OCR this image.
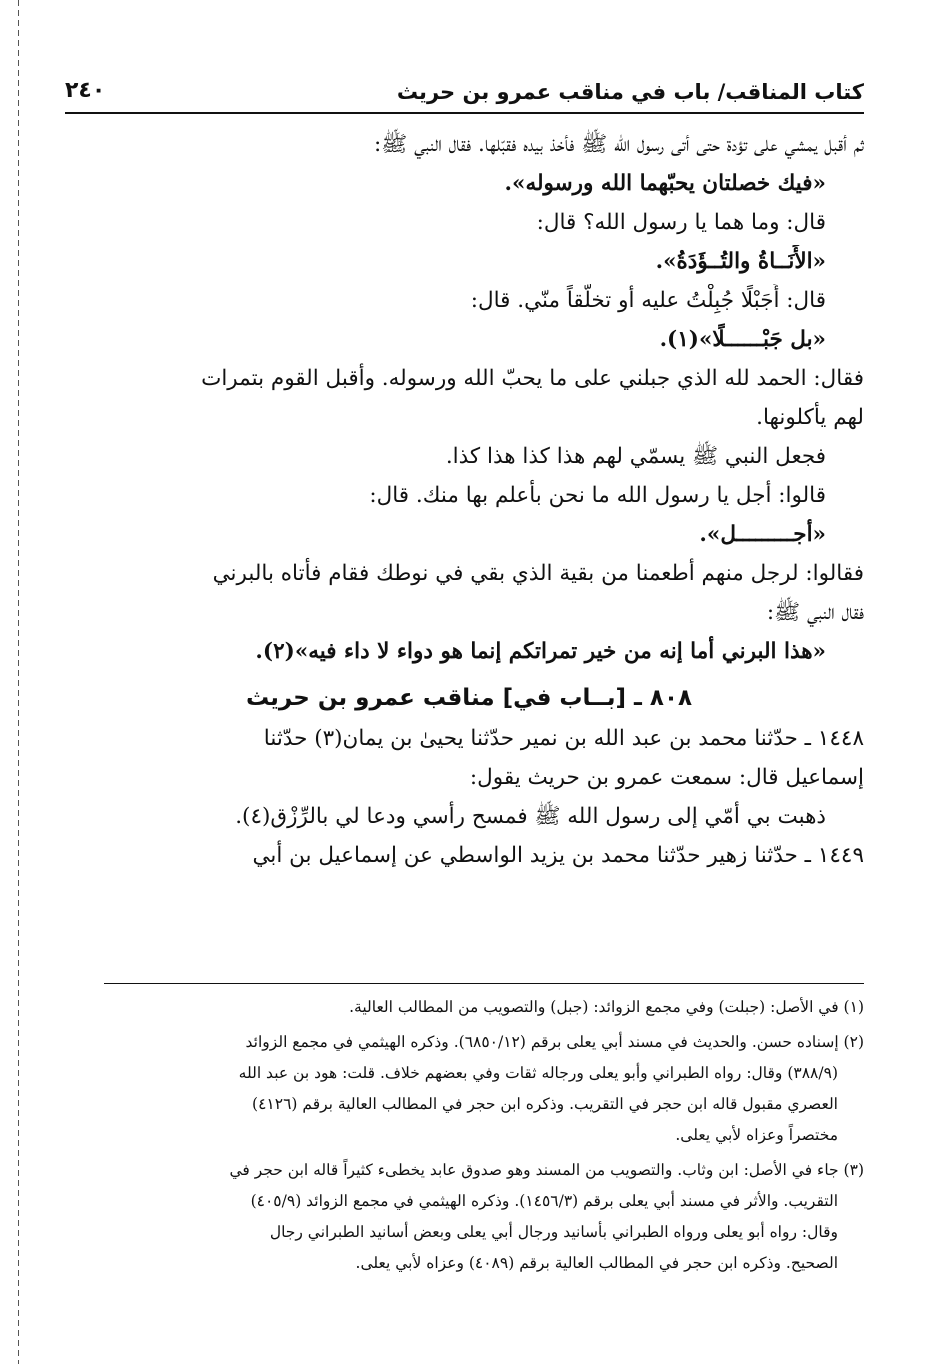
كتاب المناقب/ باب في مناقب عمرو بن حريث
٢٤٠
ثم أقبل يمشي على تؤدة حتى أتى رسول الله ﷺ فأخذ بيده فقبّلها. فقال النبي ﷺ:
«فيك خصلتان يحبّهما الله ورسوله».
قال: وما هما يا رسول الله؟ قال:
«الأَنَــاةُ والتُــؤَدَةُ».
قال: أَجَبْلًا جُبِلْتُ عليه أو تخلّقاً منّي. قال:
«بل جَبْــــــلًا»(١).
فقال: الحمد لله الذي جبلني على ما يحبّ الله ورسوله. وأقبل القوم بتمرات
لهم يأكلونها.
فجعل النبي ﷺ يسمّي لهم هذا كذا هذا كذا.
قالوا: أجل يا رسول الله ما نحن بأعلم بها منك. قال:
«أجـــــــــل».
فقالوا: لرجل منهم أطعمنا من بقية الذي بقي في نوطك فقام فأتاه بالبرني
فقال النبي ﷺ:
«هذا البرني أما إنه من خير تمراتكم إنما هو دواء لا داء فيه»(٢).
٨٠٨ ـ [بــاب في] مناقب عمرو بن حريث
١٤٤٨ ـ حدّثنا محمد بن عبد الله بن نمير حدّثنا يحيىٰ بن يمان(٣) حدّثنا
إسماعيل قال: سمعت عمرو بن حريث يقول:
ذهبت بي أمّي إلى رسول الله ﷺ فمسح رأسي ودعا لي بالرِّزْق(٤).
١٤٤٩ ـ حدّثنا زهير حدّثنا محمد بن يزيد الواسطي عن إسماعيل بن أبي
(١) في الأصل: (جبلت) وفي مجمع الزوائد: (جبل) والتصويب من المطالب العالية.
(٢) إسناده حسن. والحديث في مسند أبي يعلى برقم (٦٨٥٠/١٢). وذكره الهيثمي في مجمع الزوائد
(٣٨٨/٩) وقال: رواه الطبراني وأبو يعلى ورجاله ثقات وفي بعضهم خلاف. قلت: هود بن عبد الله
العصري مقبول قاله ابن حجر في التقريب. وذكره ابن حجر في المطالب العالية برقم (٤١٢٦)
مختصراً وعزاه لأبي يعلى.
(٣) جاء في الأصل: ابن وثاب. والتصويب من المسند وهو صدوق عابد يخطىء كثيراً قاله ابن حجر في
التقريب. والأثر في مسند أبي يعلى برقم (١٤٥٦/٣). وذكره الهيثمي في مجمع الزوائد (٤٠٥/٩)
وقال: رواه أبو يعلى ورواه الطبراني بأسانيد ورجال أبي يعلى وبعض أسانيد الطبراني رجال
الصحيح. وذكره ابن حجر في المطالب العالية برقم (٤٠٨٩) وعزاه لأبي يعلى.
